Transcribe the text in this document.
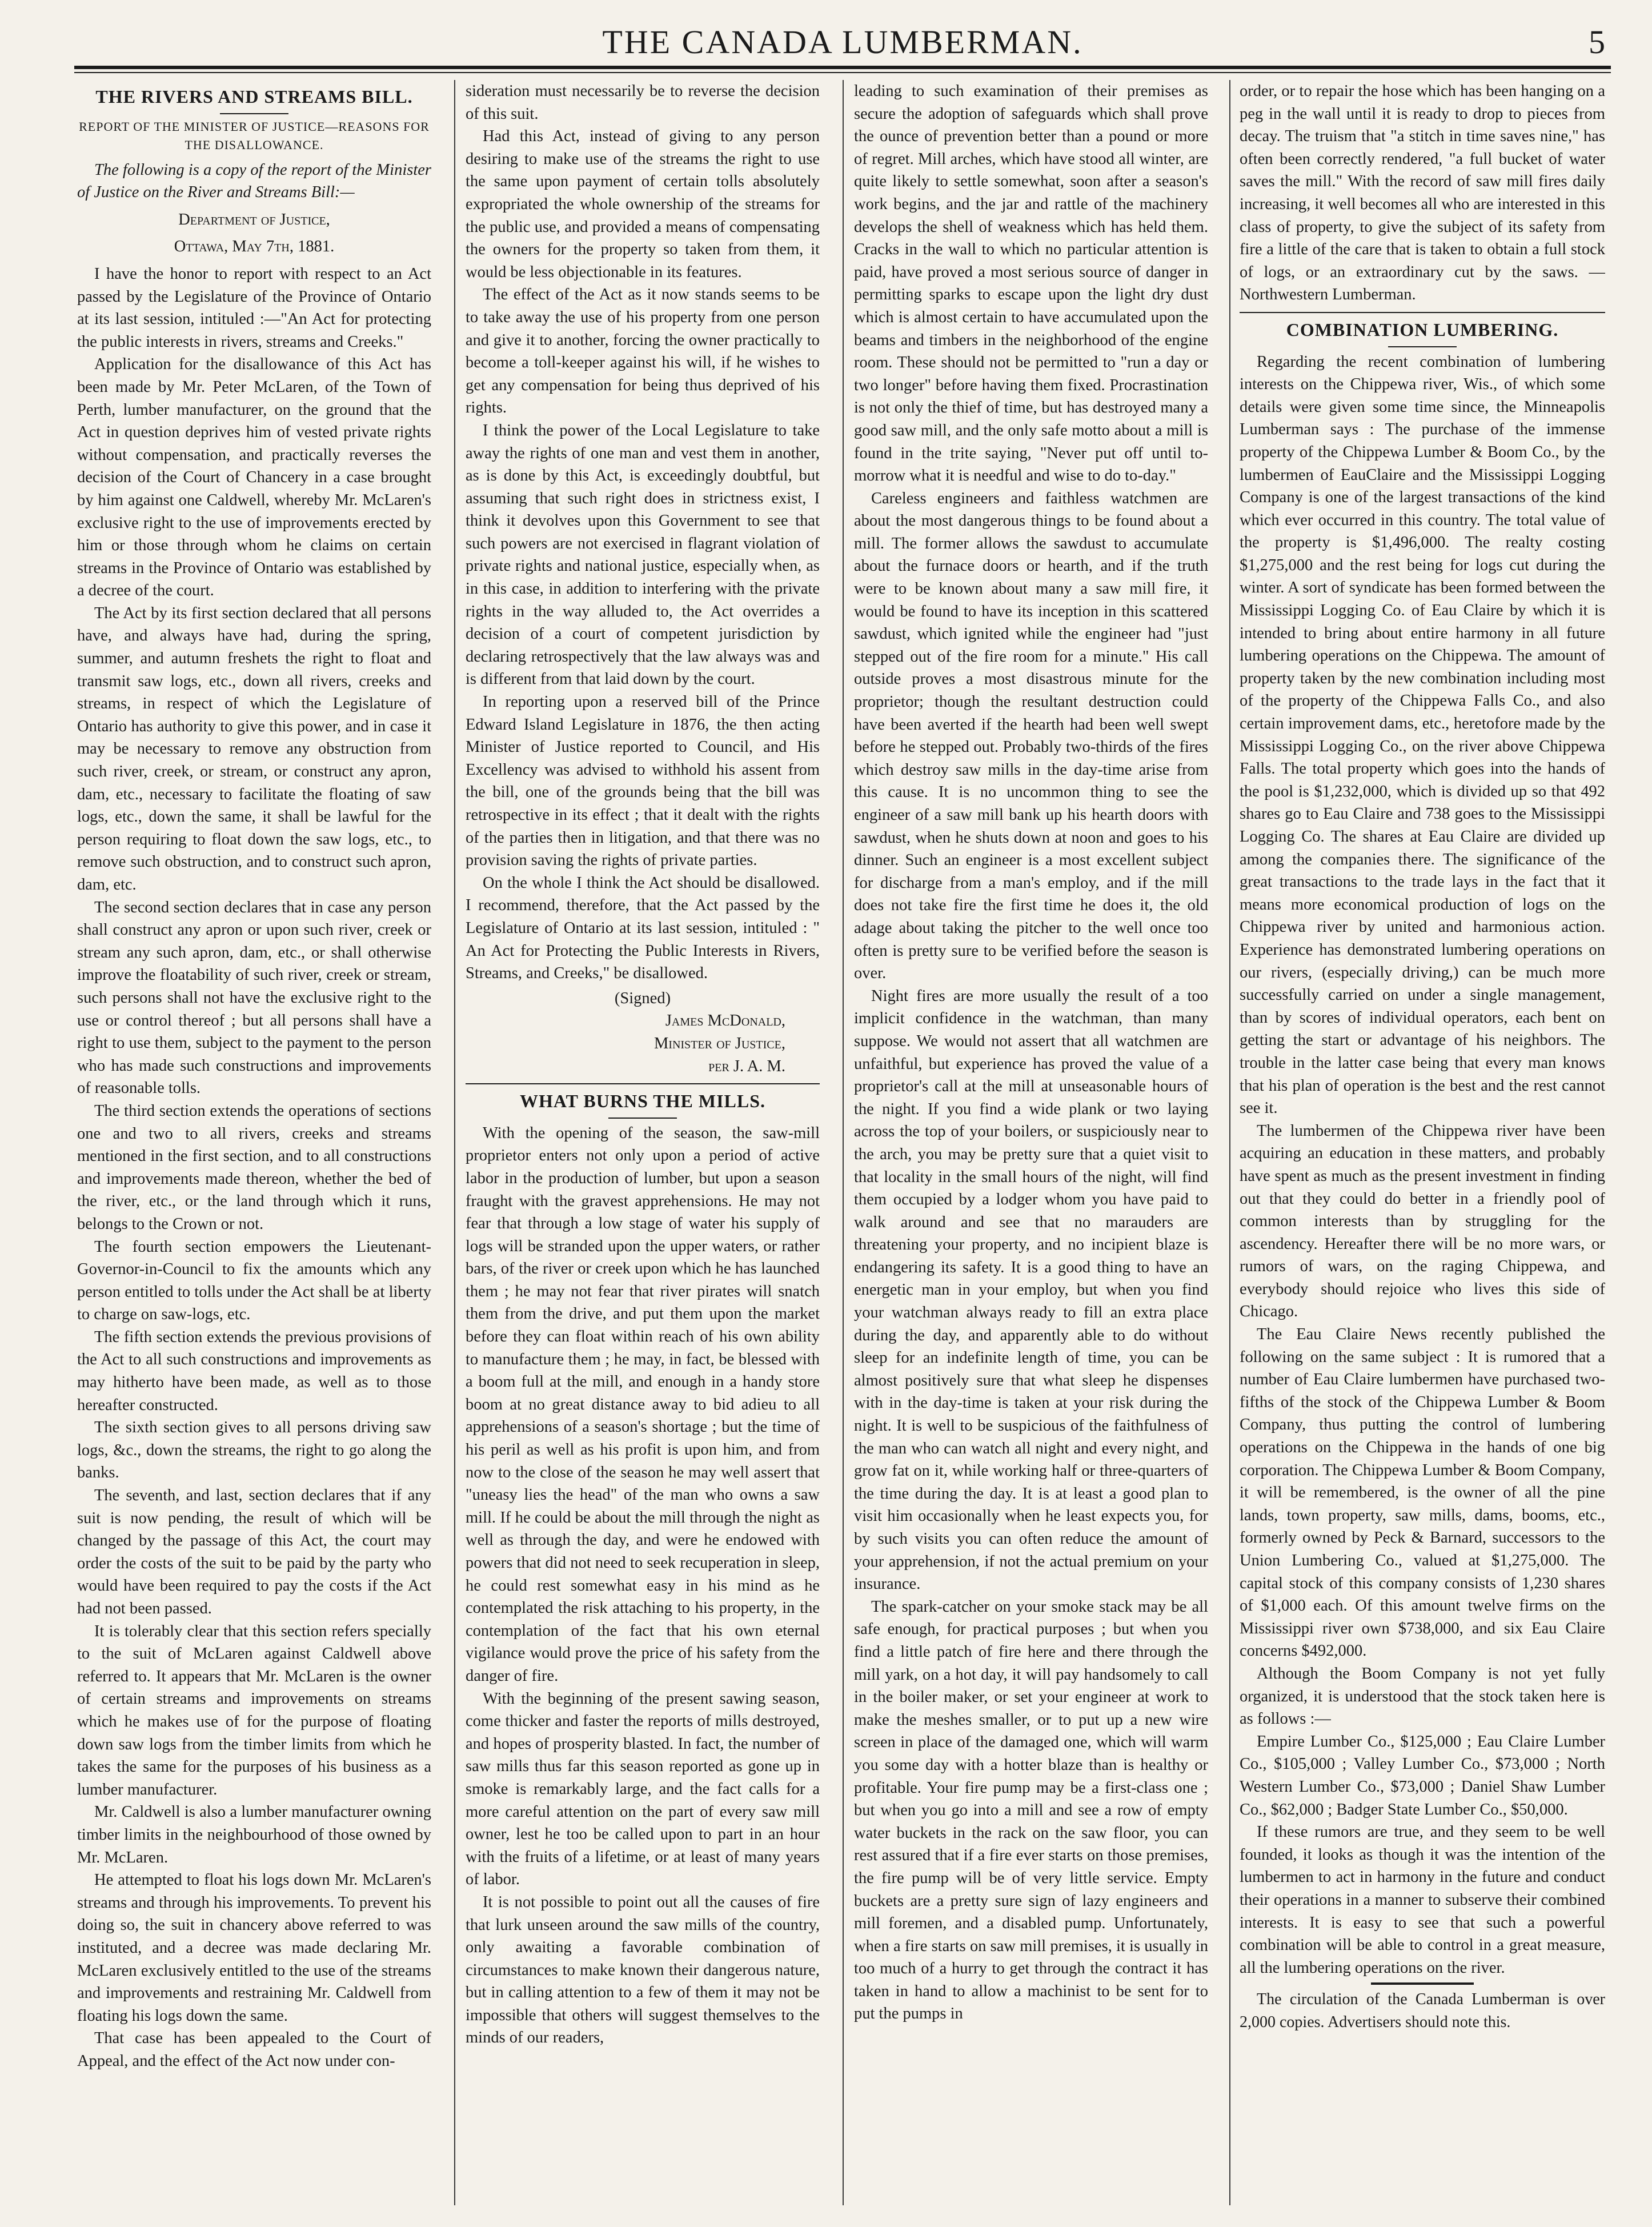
THE CANADA LUMBERMAN.	5
THE RIVERS AND STREAMS BILL.
REPORT OF THE MINISTER OF JUSTICE—REASONS FOR THE DISALLOWANCE.

The following is a copy of the report of the Minister of Justice on the River and Streams Bill:—

Department of Justice,
Ottawa, May 7th, 1881.

I have the honor to report with respect to an Act passed by the Legislature of the Province of Ontario at its last session, intituled :—"An Act for protecting the public interests in rivers, streams and Creeks."

Application for the disallowance of this Act has been made by Mr. Peter McLaren, of the Town of Perth, lumber manufacturer, on the ground that the Act in question deprives him of vested private rights without compensation, and practically reverses the decision of the Court of Chancery in a case brought by him against one Caldwell, whereby Mr. McLaren's exclusive right to the use of improvements erected by him or those through whom he claims on certain streams in the Province of Ontario was established by a decree of the court.

The Act by its first section declared that all persons have, and always have had, during the spring, summer, and autumn freshets the right to float and transmit saw logs, etc., down all rivers, creeks and streams, in respect of which the Legislature of Ontario has authority to give this power, and in case it may be necessary to remove any obstruction from such river, creek, or stream, or construct any apron, dam, etc., necessary to facilitate the floating of saw logs, etc., down the same, it shall be lawful for the person requiring to float down the saw logs, etc., to remove such obstruction, and to construct such apron, dam, etc.

The second section declares that in case any person shall construct any apron or upon such river, creek or stream any such apron, dam, etc., or shall otherwise improve the floatability of such river, creek or stream, such persons shall not have the exclusive right to the use or control thereof ; but all persons shall have a right to use them, subject to the payment to the person who has made such constructions and improvements of reasonable tolls.

The third section extends the operations of sections one and two to all rivers, creeks and streams mentioned in the first section, and to all constructions and improvements made thereon, whether the bed of the river, etc., or the land through which it runs, belongs to the Crown or not.

The fourth section empowers the Lieutenant-Governor-in-Council to fix the amounts which any person entitled to tolls under the Act shall be at liberty to charge on saw-logs, etc.

The fifth section extends the previous provisions of the Act to all such constructions and improvements as may hitherto have been made, as well as to those hereafter constructed.

The sixth section gives to all persons driving saw logs, &c., down the streams, the right to go along the banks.

The seventh, and last, section declares that if any suit is now pending, the result of which will be changed by the passage of this Act, the court may order the costs of the suit to be paid by the party who would have been required to pay the costs if the Act had not been passed.

It is tolerably clear that this section refers specially to the suit of McLaren against Caldwell above referred to. It appears that Mr. McLaren is the owner of certain streams and improvements on streams which he makes use of for the purpose of floating down saw logs from the timber limits from which he takes the same for the purposes of his business as a lumber manufacturer.

Mr. Caldwell is also a lumber manufacturer owning timber limits in the neighbourhood of those owned by Mr. McLaren.

He attempted to float his logs down Mr. McLaren's streams and through his improvements. To prevent his doing so, the suit in chancery above referred to was instituted, and a decree was made declaring Mr. McLaren exclusively entitled to the use of the streams and improvements and restraining Mr. Caldwell from floating his logs down the same.

That case has been appealed to the Court of Appeal, and the effect of the Act now under con-

sideration must necessarily be to reverse the decision of this suit.

Had this Act, instead of giving to any person desiring to make use of the streams the right to use the same upon payment of certain tolls absolutely expropriated the whole ownership of the streams for the public use, and provided a means of compensating the owners for the property so taken from them, it would be less objectionable in its features.

The effect of the Act as it now stands seems to be to take away the use of his property from one person and give it to another, forcing the owner practically to become a toll-keeper against his will, if he wishes to get any compensation for being thus deprived of his rights.

I think the power of the Local Legislature to take away the rights of one man and vest them in another, as is done by this Act, is exceedingly doubtful, but assuming that such right does in strictness exist, I think it devolves upon this Government to see that such powers are not exercised in flagrant violation of private rights and national justice, especially when, as in this case, in addition to interfering with the private rights in the way alluded to, the Act overrides a decision of a court of competent jurisdiction by declaring retrospectively that the law always was and is different from that laid down by the court.

In reporting upon a reserved bill of the Prince Edward Island Legislature in 1876, the then acting Minister of Justice reported to Council, and His Excellency was advised to withhold his assent from the bill, one of the grounds being that the bill was retrospective in its effect ; that it dealt with the rights of the parties then in litigation, and that there was no provision saving the rights of private parties.

On the whole I think the Act should be disallowed. I recommend, therefore, that the Act passed by the Legislature of Ontario at its last session, intituled : " An Act for Protecting the Public Interests in Rivers, Streams, and Creeks," be disallowed.

(Signed)
James McDonald,
Minister of Justice,
per J. A. M.
WHAT BURNS THE MILLS.

With the opening of the season, the saw-mill proprietor enters not only upon a period of active labor in the production of lumber, but upon a season fraught with the gravest apprehensions. He may not fear that through a low stage of water his supply of logs will be stranded upon the upper waters, or rather bars, of the river or creek upon which he has launched them ; he may not fear that river pirates will snatch them from the drive, and put them upon the market before they can float within reach of his own ability to manufacture them ; he may, in fact, be blessed with a boom full at the mill, and enough in a handy store boom at no great distance away to bid adieu to all apprehensions of a season's shortage ; but the time of his peril as well as his profit is upon him, and from now to the close of the season he may well assert that "uneasy lies the head" of the man who owns a saw mill. If he could be about the mill through the night as well as through the day, and were he endowed with powers that did not need to seek recuperation in sleep, he could rest somewhat easy in his mind as he contemplated the risk attaching to his property, in the contemplation of the fact that his own eternal vigilance would prove the price of his safety from the danger of fire.

With the beginning of the present sawing season, come thicker and faster the reports of mills destroyed, and hopes of prosperity blasted. In fact, the number of saw mills thus far this season reported as gone up in smoke is remarkably large, and the fact calls for a more careful attention on the part of every saw mill owner, lest he too be called upon to part in an hour with the fruits of a lifetime, or at least of many years of labor.

It is not possible to point out all the causes of fire that lurk unseen around the saw mills of the country, only awaiting a favorable combination of circumstances to make known their dangerous nature, but in calling attention to a few of them it may not be impossible that others will suggest themselves to the minds of our readers,

leading to such examination of their premises as secure the adoption of safeguards which shall prove the ounce of prevention better than a pound or more of regret. Mill arches, which have stood all winter, are quite likely to settle somewhat, soon after a season's work begins, and the jar and rattle of the machinery develops the shell of weakness which has held them. Cracks in the wall to which no particular attention is paid, have proved a most serious source of danger in permitting sparks to escape upon the light dry dust which is almost certain to have accumulated upon the beams and timbers in the neighborhood of the engine room. These should not be permitted to "run a day or two longer" before having them fixed. Procrastination is not only the thief of time, but has destroyed many a good saw mill, and the only safe motto about a mill is found in the trite saying, "Never put off until to-morrow what it is needful and wise to do to-day."

Careless engineers and faithless watchmen are about the most dangerous things to be found about a mill. The former allows the sawdust to accumulate about the furnace doors or hearth, and if the truth were to be known about many a saw mill fire, it would be found to have its inception in this scattered sawdust, which ignited while the engineer had "just stepped out of the fire room for a minute." His call outside proves a most disastrous minute for the proprietor; though the resultant destruction could have been averted if the hearth had been well swept before he stepped out. Probably two-thirds of the fires which destroy saw mills in the day-time arise from this cause. It is no uncommon thing to see the engineer of a saw mill bank up his hearth doors with sawdust, when he shuts down at noon and goes to his dinner. Such an engineer is a most excellent subject for discharge from a man's employ, and if the mill does not take fire the first time he does it, the old adage about taking the pitcher to the well once too often is pretty sure to be verified before the season is over.

Night fires are more usually the result of a too implicit confidence in the watchman, than many suppose. We would not assert that all watchmen are unfaithful, but experience has proved the value of a proprietor's call at the mill at unseasonable hours of the night. If you find a wide plank or two laying across the top of your boilers, or suspiciously near to the arch, you may be pretty sure that a quiet visit to that locality in the small hours of the night, will find them occupied by a lodger whom you have paid to walk around and see that no marauders are threatening your property, and no incipient blaze is endangering its safety. It is a good thing to have an energetic man in your employ, but when you find your watchman always ready to fill an extra place during the day, and apparently able to do without sleep for an indefinite length of time, you can be almost positively sure that what sleep he dispenses with in the day-time is taken at your risk during the night. It is well to be suspicious of the faithfulness of the man who can watch all night and every night, and grow fat on it, while working half or three-quarters of the time during the day. It is at least a good plan to visit him occasionally when he least expects you, for by such visits you can often reduce the amount of your apprehension, if not the actual premium on your insurance.

The spark-catcher on your smoke stack may be all safe enough, for practical purposes ; but when you find a little patch of fire here and there through the mill yark, on a hot day, it will pay handsomely to call in the boiler maker, or set your engineer at work to make the meshes smaller, or to put up a new wire screen in place of the damaged one, which will warm you some day with a hotter blaze than is healthy or profitable. Your fire pump may be a first-class one ; but when you go into a mill and see a row of empty water buckets in the rack on the saw floor, you can rest assured that if a fire ever starts on those premises, the fire pump will be of very little service. Empty buckets are a pretty sure sign of lazy engineers and mill foremen, and a disabled pump. Unfortunately, when a fire starts on saw mill premises, it is usually in too much of a hurry to get through the contract it has taken in hand to allow a machinist to be sent for to put the pumps in

order, or to repair the hose which has been hanging on a peg in the wall until it is ready to drop to pieces from decay. The truism that "a stitch in time saves nine," has often been correctly rendered, "a full bucket of water saves the mill." With the record of saw mill fires daily increasing, it well becomes all who are interested in this class of property, to give the subject of its safety from fire a little of the care that is taken to obtain a full stock of logs, or an extraordinary cut by the saws. —Northwestern Lumberman.

COMBINATION LUMBERING.

Regarding the recent combination of lumbering interests on the Chippewa river, Wis., of which some details were given some time since, the Minneapolis Lumberman says : The purchase of the immense property of the Chippewa Lumber & Boom Co., by the lumbermen of EauClaire and the Mississippi Logging Company is one of the largest transactions of the kind which ever occurred in this country. The total value of the property is $1,496,000. The realty costing $1,275,000 and the rest being for logs cut during the winter. A sort of syndicate has been formed between the Mississippi Logging Co. of Eau Claire by which it is intended to bring about entire harmony in all future lumbering operations on the Chippewa. The amount of property taken by the new combination including most of the property of the Chippewa Falls Co., and also certain improvement dams, etc., heretofore made by the Mississippi Logging Co., on the river above Chippewa Falls. The total property which goes into the hands of the pool is $1,232,000, which is divided up so that 492 shares go to Eau Claire and 738 goes to the Mississippi Logging Co. The shares at Eau Claire are divided up among the companies there. The significance of the great transactions to the trade lays in the fact that it means more economical production of logs on the Chippewa river by united and harmonious action. Experience has demonstrated lumbering operations on our rivers, (especially driving,) can be much more successfully carried on under a single management, than by scores of individual operators, each bent on getting the start or advantage of his neighbors. The trouble in the latter case being that every man knows that his plan of operation is the best and the rest cannot see it.

The lumbermen of the Chippewa river have been acquiring an education in these matters, and probably have spent as much as the present investment in finding out that they could do better in a friendly pool of common interests than by struggling for the ascendency. Hereafter there will be no more wars, or rumors of wars, on the raging Chippewa, and everybody should rejoice who lives this side of Chicago.

The Eau Claire News recently published the following on the same subject : It is rumored that a number of Eau Claire lumbermen have purchased two-fifths of the stock of the Chippewa Lumber & Boom Company, thus putting the control of lumbering operations on the Chippewa in the hands of one big corporation. The Chippewa Lumber & Boom Company, it will be remembered, is the owner of all the pine lands, town property, saw mills, dams, booms, etc., formerly owned by Peck & Barnard, successors to the Union Lumbering Co., valued at $1,275,000. The capital stock of this company consists of 1,230 shares of $1,000 each. Of this amount twelve firms on the Mississippi river own $738,000, and six Eau Claire concerns $492,000.

Although the Boom Company is not yet fully organized, it is understood that the stock taken here is as follows :—

Empire Lumber Co., $125,000 ; Eau Claire Lumber Co., $105,000 ; Valley Lumber Co., $73,000 ; North Western Lumber Co., $73,000 ; Daniel Shaw Lumber Co., $62,000 ; Badger State Lumber Co., $50,000.

If these rumors are true, and they seem to be well founded, it looks as though it was the intention of the lumbermen to act in harmony in the future and conduct their operations in a manner to subserve their combined interests. It is easy to see that such a powerful combination will be able to control in a great measure, all the lumbering operations on the river.

The circulation of the Canada Lumberman is over 2,000 copies. Advertisers should note this.
